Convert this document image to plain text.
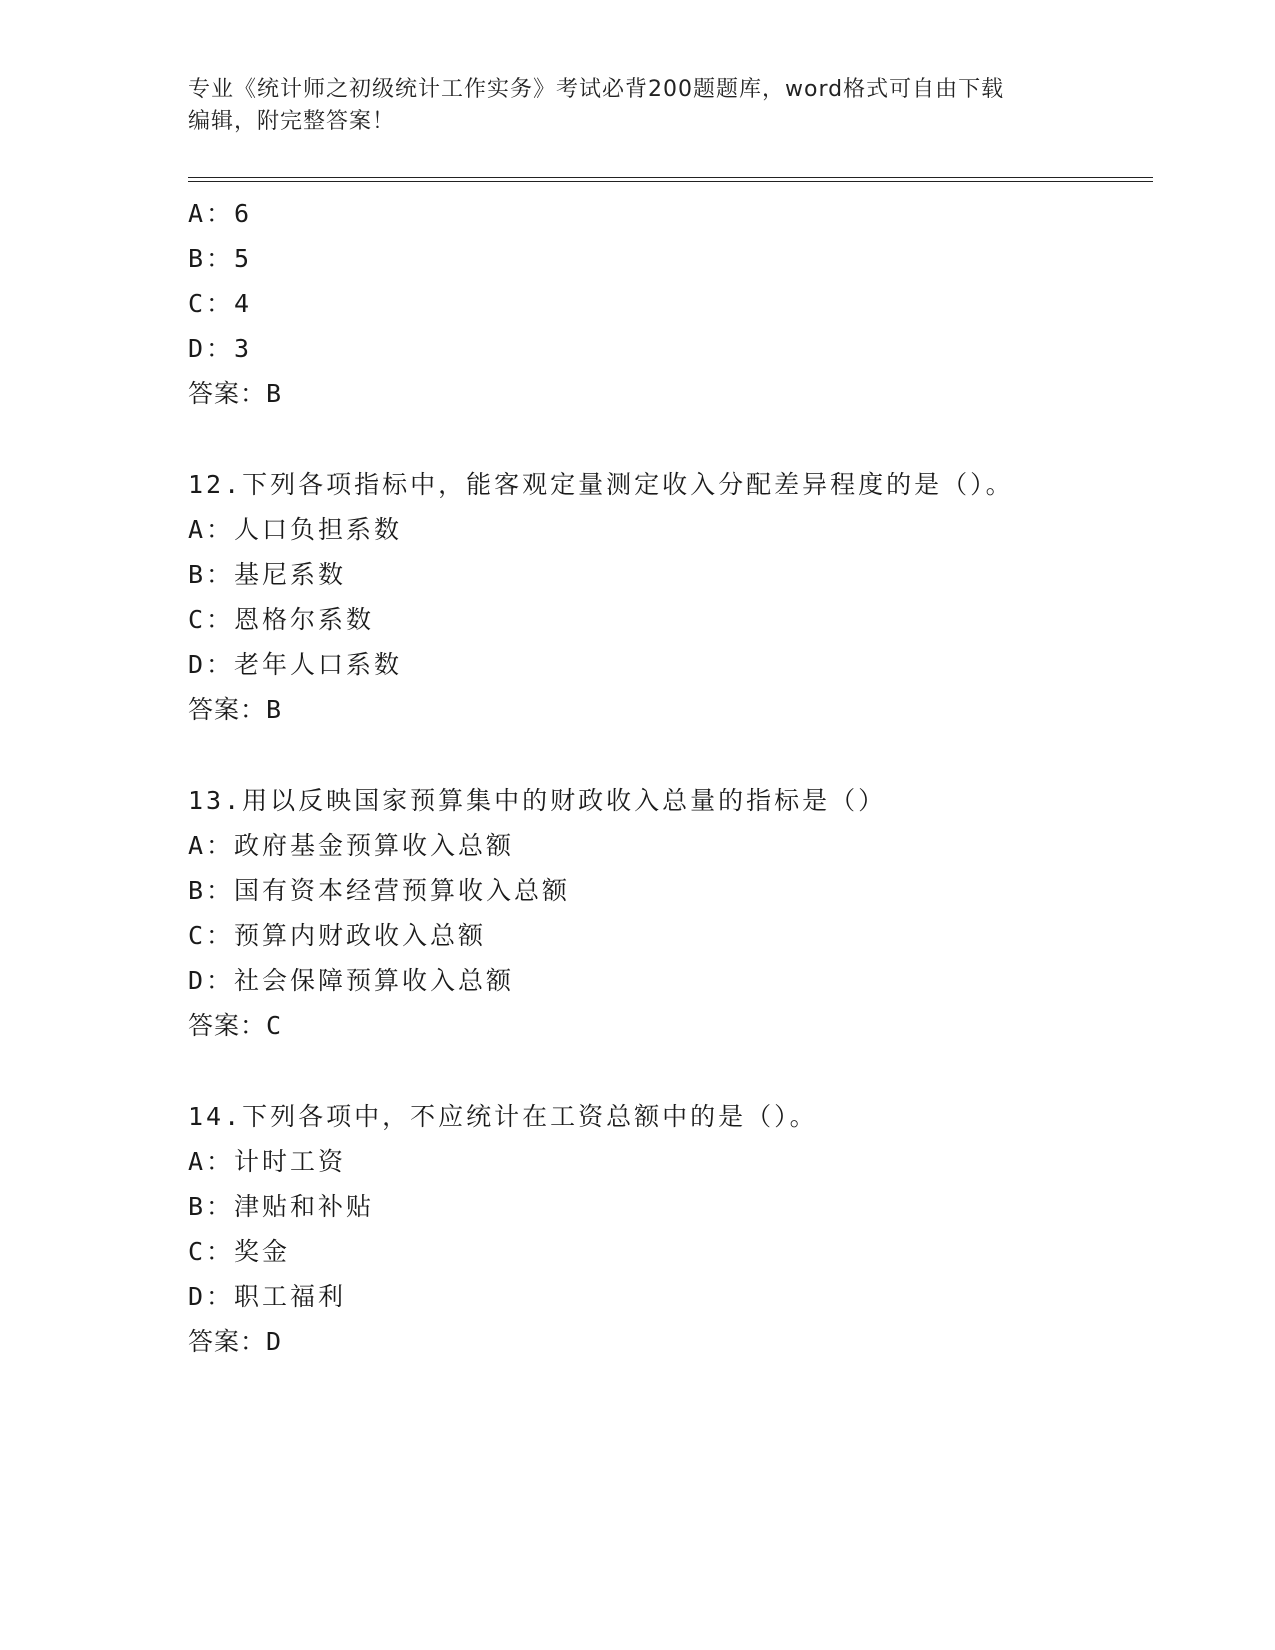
专业《统计师之初级统计工作实务》考试必背200题题库，word格式可自由下载
编辑，附完整答案！
A：6
B：5
C：4
D：3
答案：B
12.下列各项指标中，能客观定量测定收入分配差异程度的是（）。
A：人口负担系数
B：基尼系数
C：恩格尔系数
D：老年人口系数
答案：B
13.用以反映国家预算集中的财政收入总量的指标是（）
A：政府基金预算收入总额
B：国有资本经营预算收入总额
C：预算内财政收入总额
D：社会保障预算收入总额
答案：C
14.下列各项中，不应统计在工资总额中的是（）。
A：计时工资
B：津贴和补贴
C：奖金
D：职工福利
答案：D
